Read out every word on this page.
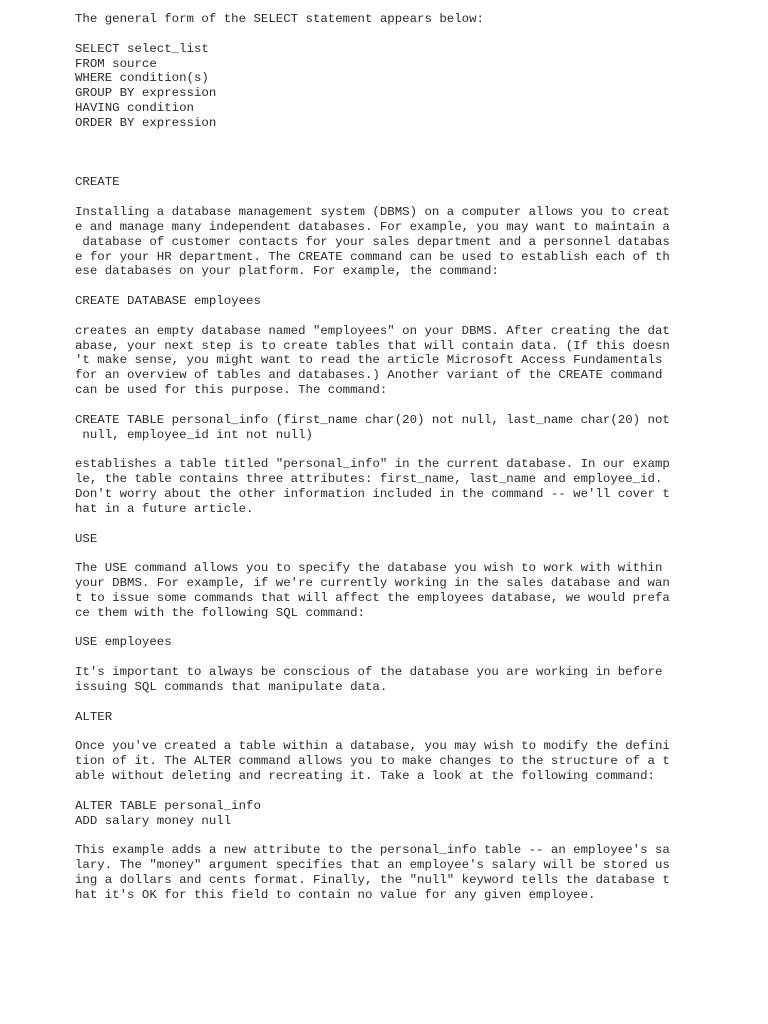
The general form of the SELECT statement appears below:
SELECT select_list
FROM source
WHERE condition(s)
GROUP BY expression
HAVING condition
ORDER BY expression
CREATE
Installing a database management system (DBMS) on a computer allows you to creat
e and manage many independent databases. For example, you may want to maintain a
database of customer contacts for your sales department and a personnel databas
e for your HR department. The CREATE command can be used to establish each of th
ese databases on your platform. For example, the command:
CREATE DATABASE employees
creates an empty database named "employees" on your DBMS. After creating the dat
abase, your next step is to create tables that will contain data. (If this doesn
't make sense, you might want to read the article Microsoft Access Fundamentals
for an overview of tables and databases.) Another variant of the CREATE command
can be used for this purpose. The command:
CREATE TABLE personal_info (first_name char(20) not null, last_name char(20) not
null, employee_id int not null)
establishes a table titled "personal_info" in the current database. In our examp
le, the table contains three attributes: first_name, last_name and employee_id.
Don't worry about the other information included in the command -- we'll cover t
hat in a future article.
USE
The USE command allows you to specify the database you wish to work with within
your DBMS. For example, if we're currently working in the sales database and wan
t to issue some commands that will affect the employees database, we would prefa
ce them with the following SQL command:
USE employees
It's important to always be conscious of the database you are working in before
issuing SQL commands that manipulate data.
ALTER
Once you've created a table within a database, you may wish to modify the defini
tion of it. The ALTER command allows you to make changes to the structure of a t
able without deleting and recreating it. Take a look at the following command:
ALTER TABLE personal_info
ADD salary money null
This example adds a new attribute to the personal_info table -- an employee's sa
lary. The "money" argument specifies that an employee's salary will be stored us
ing a dollars and cents format. Finally, the "null" keyword tells the database t
hat it's OK for this field to contain no value for any given employee.
